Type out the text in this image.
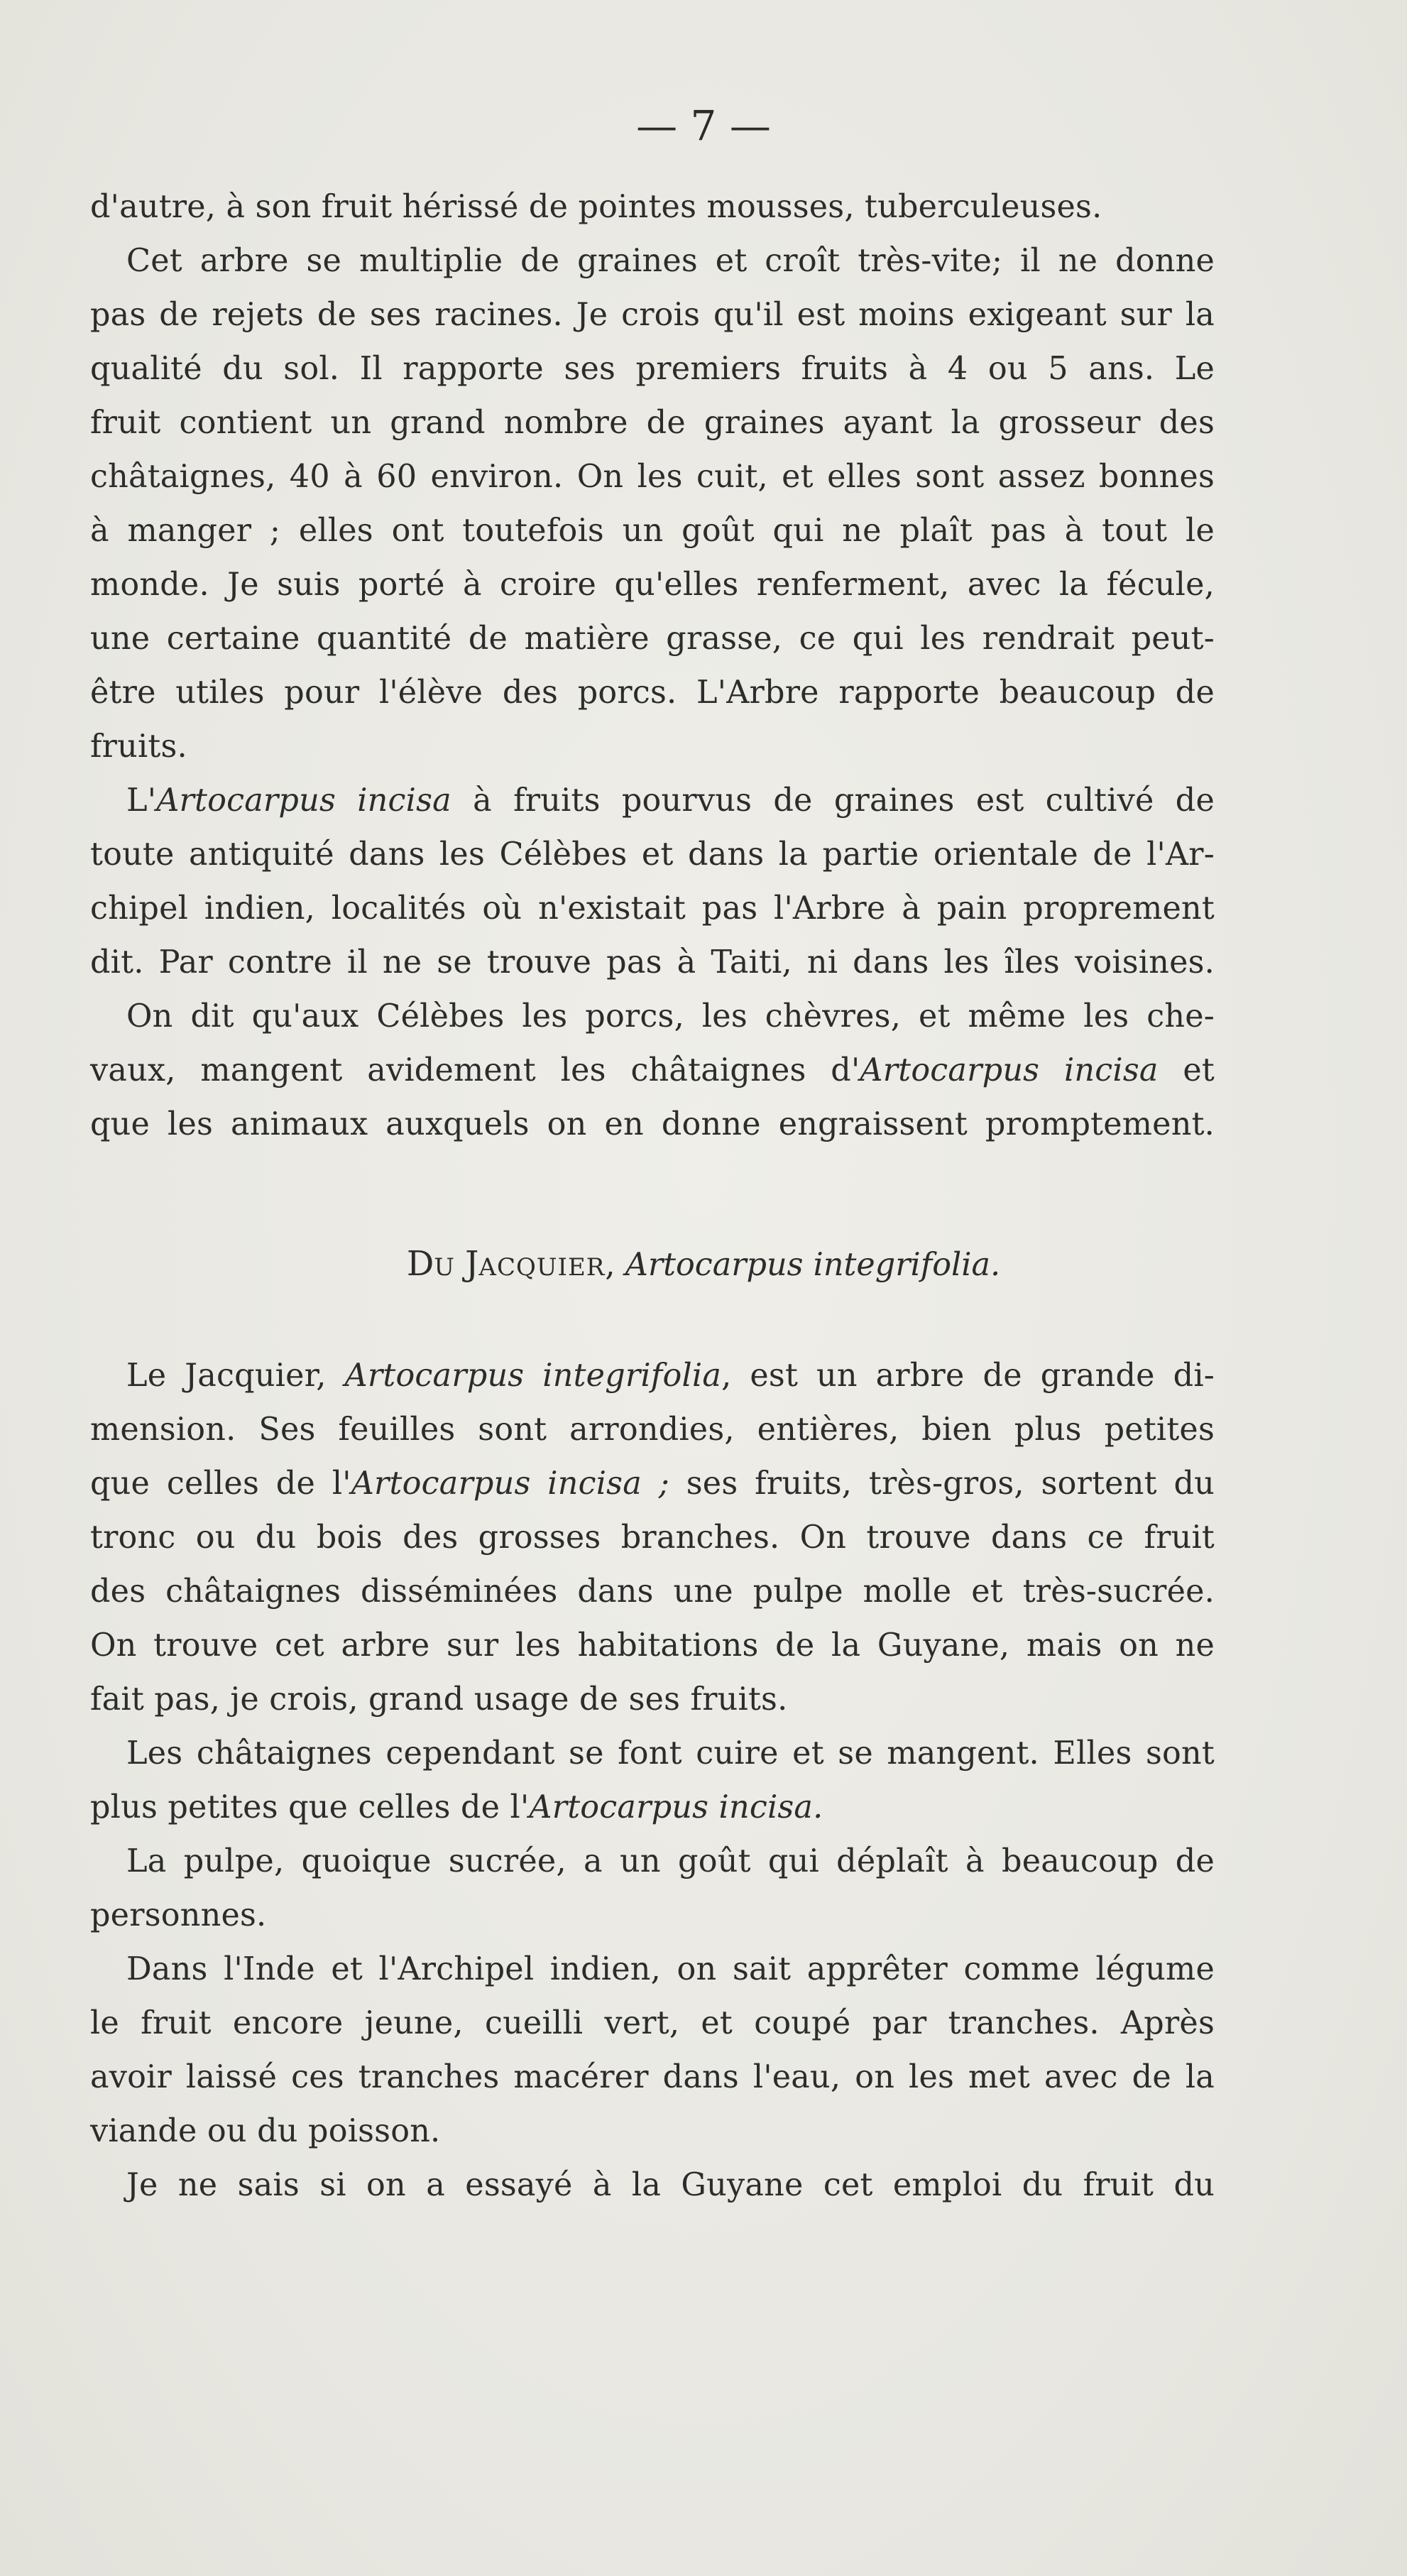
— 7 —
d'autre, à son fruit hérissé de pointes mousses, tuberculeuses.
Cet arbre se multiplie de graines et croît très-vite; il ne donne
pas de rejets de ses racines. Je crois qu'il est moins exigeant sur la
qualité du sol. Il rapporte ses premiers fruits à 4 ou 5 ans. Le
fruit contient un grand nombre de graines ayant la grosseur des
châtaignes, 40 à 60 environ. On les cuit, et elles sont assez bonnes
à manger ; elles ont toutefois un goût qui ne plaît pas à tout le
monde. Je suis porté à croire qu'elles renferment, avec la fécule,
une certaine quantité de matière grasse, ce qui les rendrait peut-
être utiles pour l'élève des porcs. L'Arbre rapporte beaucoup de
fruits.
L'Artocarpus incisa à fruits pourvus de graines est cultivé de
toute antiquité dans les Célèbes et dans la partie orientale de l'Ar-
chipel indien, localités où n'existait pas l'Arbre à pain proprement
dit. Par contre il ne se trouve pas à Taiti, ni dans les îles voisines.
On dit qu'aux Célèbes les porcs, les chèvres, et même les che-
vaux, mangent avidement les châtaignes d'Artocarpus incisa et
que les animaux auxquels on en donne engraissent promptement.
DU JACQUIER, Artocarpus integrifolia.
Le Jacquier, Artocarpus integrifolia, est un arbre de grande di-
mension. Ses feuilles sont arrondies, entières, bien plus petites
que celles de l'Artocarpus incisa ; ses fruits, très-gros, sortent du
tronc ou du bois des grosses branches. On trouve dans ce fruit
des châtaignes disséminées dans une pulpe molle et très-sucrée.
On trouve cet arbre sur les habitations de la Guyane, mais on ne
fait pas, je crois, grand usage de ses fruits.
Les châtaignes cependant se font cuire et se mangent. Elles sont
plus petites que celles de l'Artocarpus incisa.
La pulpe, quoique sucrée, a un goût qui déplaît à beaucoup de
personnes.
Dans l'Inde et l'Archipel indien, on sait apprêter comme légume
le fruit encore jeune, cueilli vert, et coupé par tranches. Après
avoir laissé ces tranches macérer dans l'eau, on les met avec de la
viande ou du poisson.
Je ne sais si on a essayé à la Guyane cet emploi du fruit du
